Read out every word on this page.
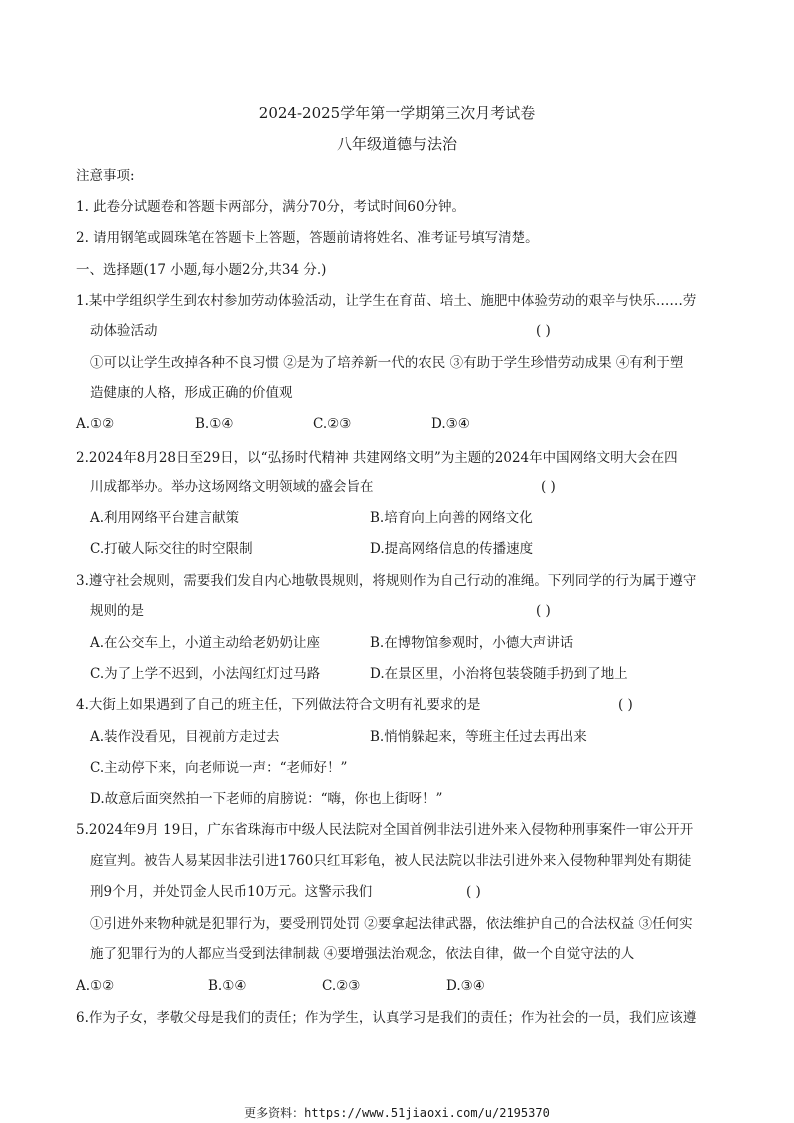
2024-2025学年第一学期第三次月考试卷
八年级道德与法治
注意事项:
1. 此卷分试题卷和答题卡两部分，满分70分，考试时间60分钟。
2. 请用钢笔或圆珠笔在答题卡上答题，答题前请将姓名、准考证号填写清楚。
一、选择题(17 小题,每小题2分,共34 分.)
1.某中学组织学生到农村参加劳动体验活动，让学生在育苗、培土、施肥中体验劳动的艰辛与快乐……劳
动体验活动	( )
①可以让学生改掉各种不良习惯 ②是为了培养新一代的农民 ③有助于学生珍惜劳动成果 ④有利于塑
造健康的人格，形成正确的价值观
A.①②	B.①④	C.②③	D.③④
2.2024年8月28日至29日，以“弘扬时代精神 共建网络文明”为主题的2024年中国网络文明大会在四
川成都举办。举办这场网络文明领域的盛会旨在	( )
A.利用网络平台建言献策	B.培育向上向善的网络文化
C.打破人际交往的时空限制	D.提高网络信息的传播速度
3.遵守社会规则，需要我们发自内心地敬畏规则，将规则作为自己行动的准绳。下列同学的行为属于遵守
规则的是	( )
A.在公交车上，小道主动给老奶奶让座	B.在博物馆参观时，小德大声讲话
C.为了上学不迟到，小法闯红灯过马路	D.在景区里，小治将包装袋随手扔到了地上
4.大街上如果遇到了自己的班主任，下列做法符合文明有礼要求的是	( )
A.装作没看见，目视前方走过去	B.悄悄躲起来，等班主任过去再出来
C.主动停下来，向老师说一声：“老师好！”
D.故意后面突然拍一下老师的肩膀说：“嗨，你也上街呀！”
5.2024年9月 19日，广东省珠海市中级人民法院对全国首例非法引进外来入侵物种刑事案件一审公开开
庭宣判。被告人易某因非法引进1760只红耳彩龟，被人民法院以非法引进外来入侵物种罪判处有期徒
刑9个月，并处罚金人民币10万元。这警示我们	( )
①引进外来物种就是犯罪行为，要受刑罚处罚 ②要拿起法律武器，依法维护自己的合法权益 ③任何实
施了犯罪行为的人都应当受到法律制裁 ④要增强法治观念，依法自律，做一个自觉守法的人
A.①②	B.①④	C.②③	D.③④
6.作为子女，孝敬父母是我们的责任；作为学生，认真学习是我们的责任；作为社会的一员，我们应该遵
更多资料：https://www.51jiaoxi.com/u/2195370
